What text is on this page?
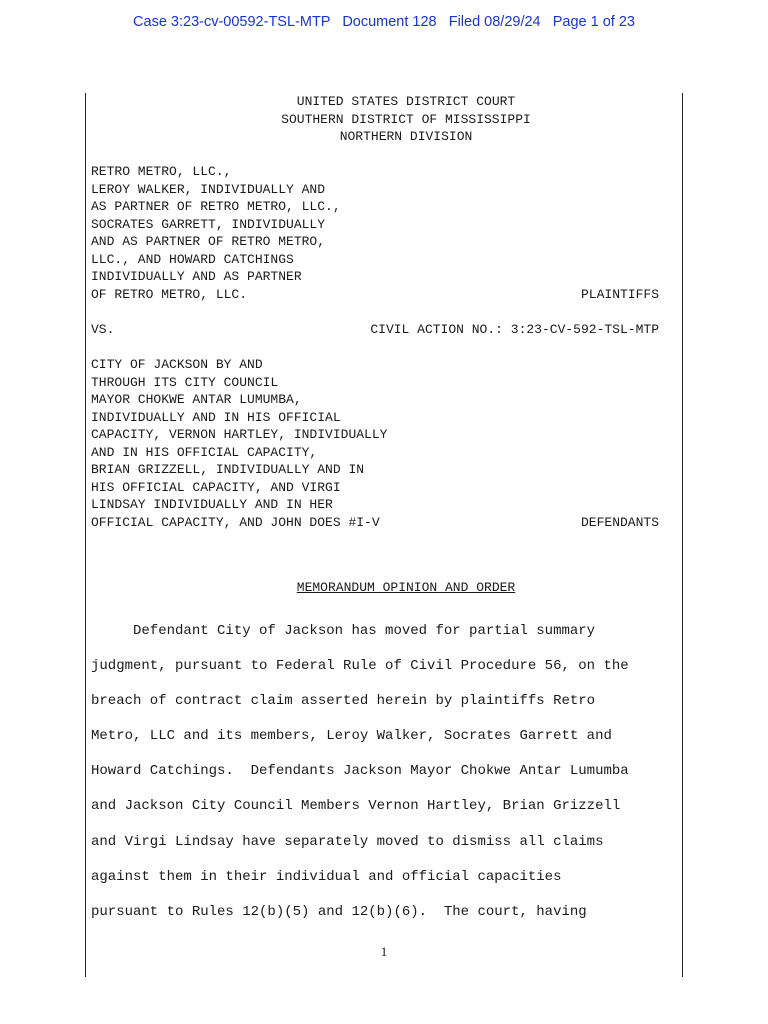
Case 3:23-cv-00592-TSL-MTP Document 128 Filed 08/29/24 Page 1 of 23
UNITED STATES DISTRICT COURT
SOUTHERN DISTRICT OF MISSISSIPPI
NORTHERN DIVISION
RETRO METRO, LLC.,
LEROY WALKER, INDIVIDUALLY AND
AS PARTNER OF RETRO METRO, LLC.,
SOCRATES GARRETT, INDIVIDUALLY
AND AS PARTNER OF RETRO METRO,
LLC., AND HOWARD CATCHINGS
INDIVIDUALLY AND AS PARTNER
OF RETRO METRO, LLC.	PLAINTIFFS
VS.	CIVIL ACTION NO.: 3:23-CV-592-TSL-MTP
CITY OF JACKSON BY AND
THROUGH ITS CITY COUNCIL
MAYOR CHOKWE ANTAR LUMUMBA,
INDIVIDUALLY AND IN HIS OFFICIAL
CAPACITY, VERNON HARTLEY, INDIVIDUALLY
AND IN HIS OFFICIAL CAPACITY,
BRIAN GRIZZELL, INDIVIDUALLY AND IN
HIS OFFICIAL CAPACITY, AND VIRGI
LINDSAY INDIVIDUALLY AND IN HER
OFFICIAL CAPACITY, AND JOHN DOES #I-V	DEFENDANTS
MEMORANDUM OPINION AND ORDER
Defendant City of Jackson has moved for partial summary
judgment, pursuant to Federal Rule of Civil Procedure 56, on the
breach of contract claim asserted herein by plaintiffs Retro
Metro, LLC and its members, Leroy Walker, Socrates Garrett and
Howard Catchings.  Defendants Jackson Mayor Chokwe Antar Lumumba
and Jackson City Council Members Vernon Hartley, Brian Grizzell
and Virgi Lindsay have separately moved to dismiss all claims
against them in their individual and official capacities
pursuant to Rules 12(b)(5) and 12(b)(6).  The court, having
1
